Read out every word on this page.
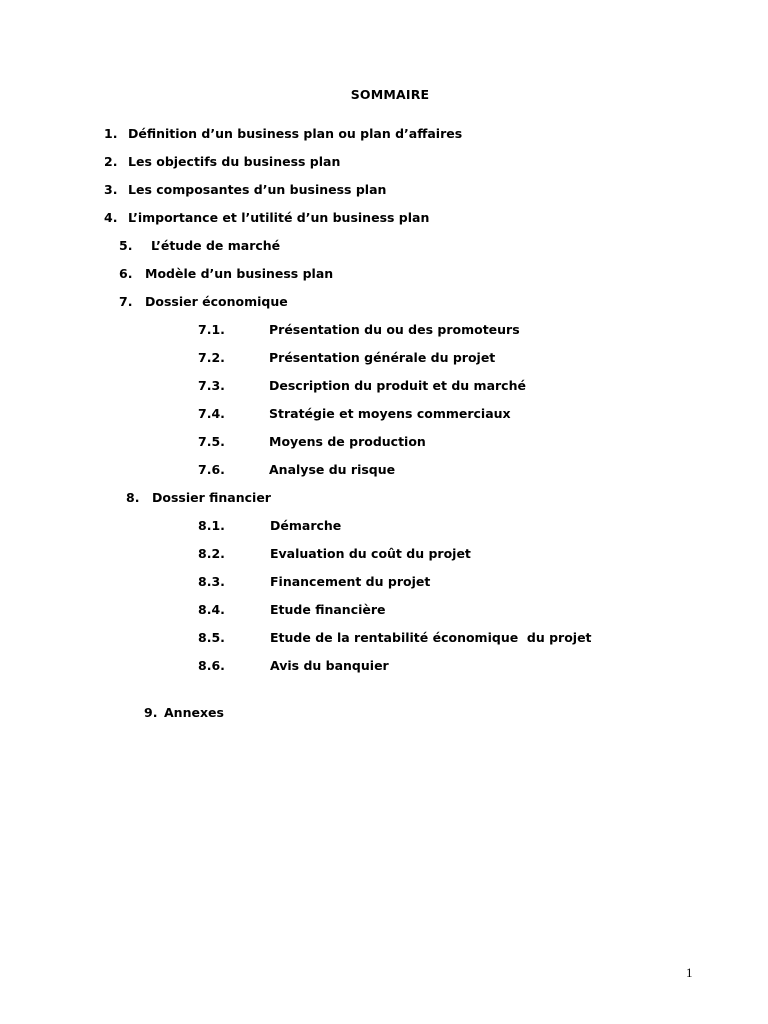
SOMMAIRE
1. Définition d’un business plan ou plan d’affaires
2. Les objectifs du business plan
3. Les composantes d’un business plan
4. L’importance et l’utilité d’un business plan
5. L’étude de marché
6. Modèle d’un business plan
7. Dossier économique
7.1.	Présentation du ou des promoteurs
7.2.	Présentation générale du projet
7.3.	Description du produit et du marché
7.4.	Stratégie et moyens commerciaux
7.5.	Moyens de production
7.6.	Analyse du risque
8. Dossier financier
8.1.	Démarche
8.2.	Evaluation du coût du projet
8.3.	Financement du projet
8.4.	Etude financière
8.5.	Etude de la rentabilité économique  du projet
8.6.	Avis du banquier
9. Annexes
1
